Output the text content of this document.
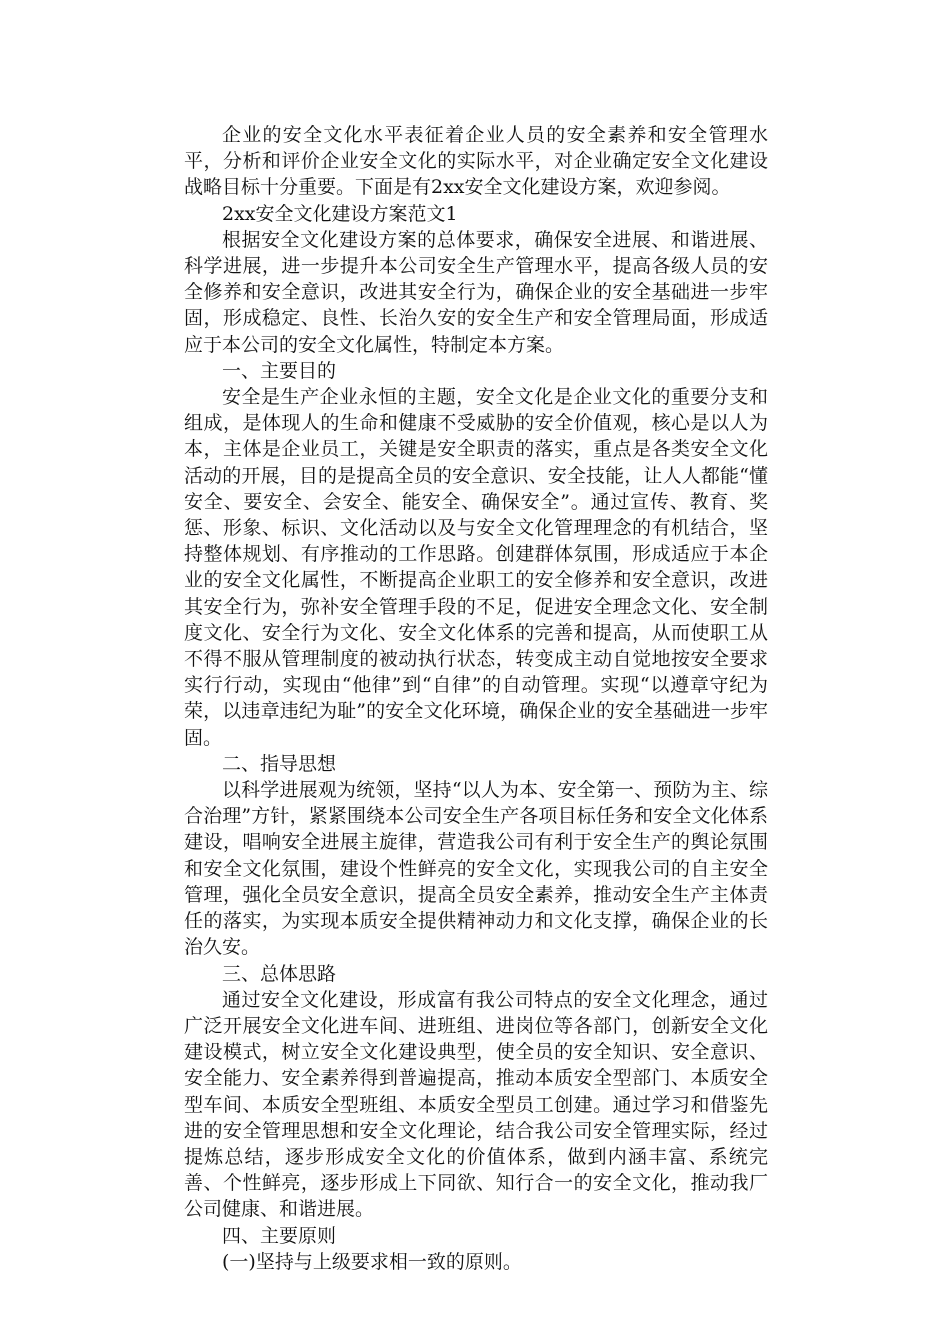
企业的安全文化水平表征着企业人员的安全素养和安全管理水平，分析和评价企业安全文化的实际水平，对企业确定安全文化建设战略目标十分重要。下面是有2xx安全文化建设方案，欢迎参阅。

2xx安全文化建设方案范文1

根据安全文化建设方案的总体要求，确保安全进展、和谐进展、科学进展，进一步提升本公司安全生产管理水平，提高各级人员的安全修养和安全意识，改进其安全行为，确保企业的安全基础进一步牢固，形成稳定、良性、长治久安的安全生产和安全管理局面，形成适应于本公司的安全文化属性，特制定本方案。

一、主要目的

安全是生产企业永恒的主题，安全文化是企业文化的重要分支和组成，是体现人的生命和健康不受威胁的安全价值观，核心是以人为本，主体是企业员工，关键是安全职责的落实，重点是各类安全文化活动的开展，目的是提高全员的安全意识、安全技能，让人人都能“懂安全、要安全、会安全、能安全、确保安全”。通过宣传、教育、奖惩、形象、标识、文化活动以及与安全文化管理理念的有机结合，坚持整体规划、有序推动的工作思路。创建群体氛围，形成适应于本企业的安全文化属性，不断提高企业职工的安全修养和安全意识，改进其安全行为，弥补安全管理手段的不足，促进安全理念文化、安全制度文化、安全行为文化、安全文化体系的完善和提高，从而使职工从不得不服从管理制度的被动执行状态，转变成主动自觉地按安全要求实行行动，实现由“他律”到“自律”的自动管理。实现“以遵章守纪为荣，以违章违纪为耻”的安全文化环境，确保企业的安全基础进一步牢固。

二、指导思想

以科学进展观为统领，坚持“以人为本、安全第一、预防为主、综合治理”方针，紧紧围绕本公司安全生产各项目标任务和安全文化体系建设，唱响安全进展主旋律，营造我公司有利于安全生产的舆论氛围和安全文化氛围，建设个性鲜亮的安全文化，实现我公司的自主安全管理，强化全员安全意识，提高全员安全素养，推动安全生产主体责任的落实，为实现本质安全提供精神动力和文化支撑，确保企业的长治久安。

三、总体思路

通过安全文化建设，形成富有我公司特点的安全文化理念，通过广泛开展安全文化进车间、进班组、进岗位等各部门，创新安全文化建设模式，树立安全文化建设典型，使全员的安全知识、安全意识、安全能力、安全素养得到普遍提高，推动本质安全型部门、本质安全型车间、本质安全型班组、本质安全型员工创建。通过学习和借鉴先进的安全管理思想和安全文化理论，结合我公司安全管理实际，经过提炼总结，逐步形成安全文化的价值体系，做到内涵丰富、系统完善、个性鲜亮，逐步形成上下同欲、知行合一的安全文化，推动我厂公司健康、和谐进展。

四、主要原则

(一)坚持与上级要求相一致的原则。
